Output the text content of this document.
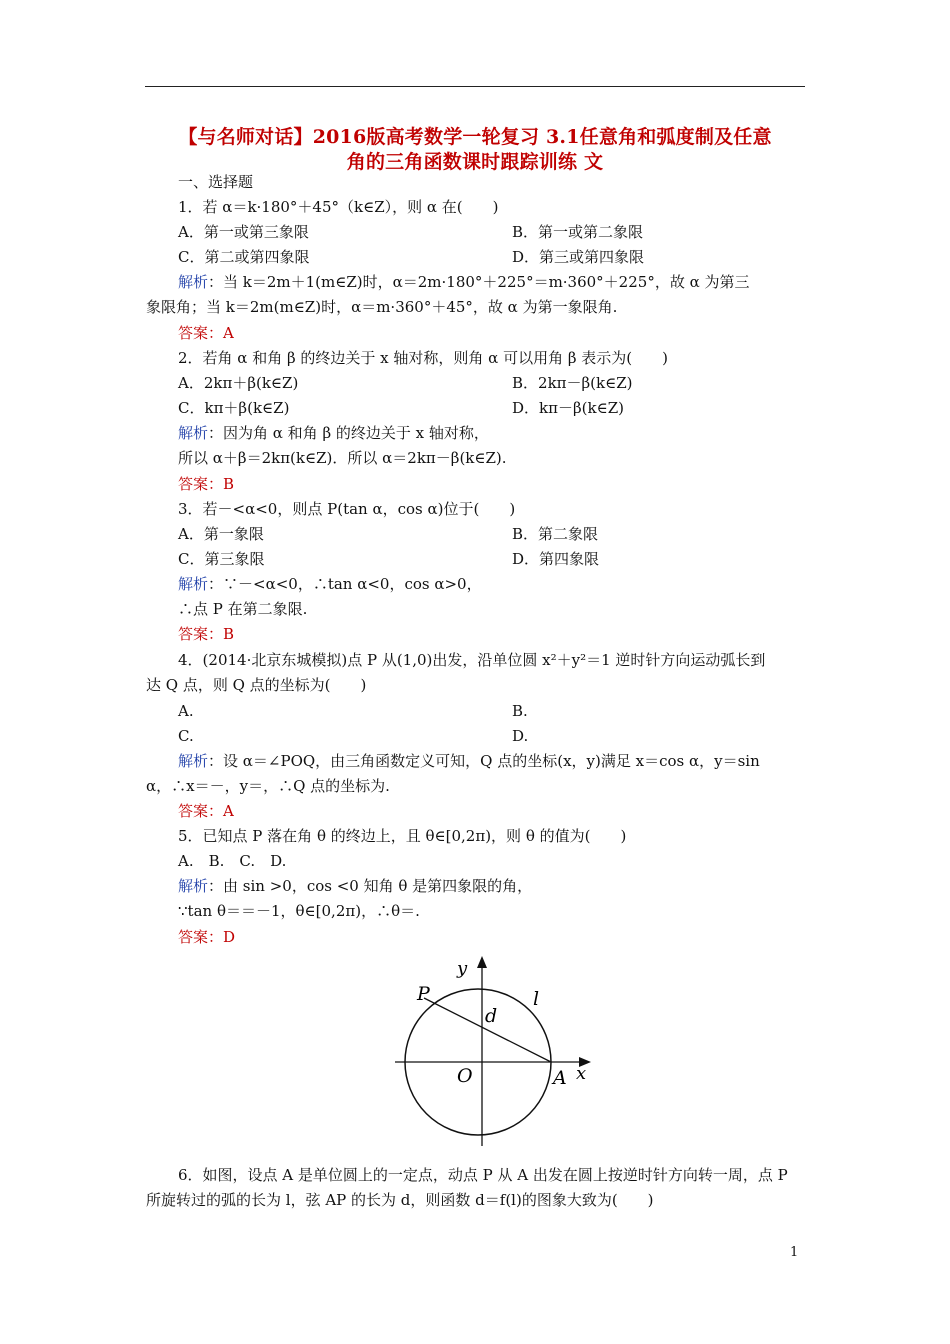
【与名师对话】2016版高考数学一轮复习 3.1任意角和弧度制及任意
角的三角函数课时跟踪训练 文
一、选择题
1．若 α＝k·180°＋45°（k∈Z），则 α 在(　　)
A．第一或第三象限	B．第一或第二象限
C．第二或第四象限	D．第三或第四象限
解析：当 k＝2m＋1(m∈Z)时，α＝2m·180°＋225°＝m·360°＋225°，故 α 为第三
象限角；当 k＝2m(m∈Z)时，α＝m·360°＋45°，故 α 为第一象限角.
答案：A
2．若角 α 和角 β 的终边关于 x 轴对称，则角 α 可以用角 β 表示为(　　)
A．2kπ＋β(k∈Z)	B．2kπ－β(k∈Z)
C．kπ＋β(k∈Z)	D．kπ－β(k∈Z)
解析：因为角 α 和角 β 的终边关于 x 轴对称，
所以 α＋β＝2kπ(k∈Z)．所以 α＝2kπ－β(k∈Z).
答案：B
3．若－<α<0，则点 P(tan α，cos α)位于(　　)
A．第一象限	B．第二象限
C．第三象限	D．第四象限
解析：∵－<α<0，∴tan α<0，cos α>0，
∴点 P 在第二象限.
答案：B
4．(2014·北京东城模拟)点 P 从(1,0)出发，沿单位圆 x²＋y²＝1 逆时针方向运动弧长到
达 Q 点，则 Q 点的坐标为(　　)
A.	B.
C.	D.
解析：设 α＝∠POQ，由三角函数定义可知，Q 点的坐标(x，y)满足 x＝cos α，y＝sin
α，∴x＝－，y＝，∴Q 点的坐标为.
答案：A
5．已知点 P 落在角 θ 的终边上，且 θ∈[0,2π)，则 θ 的值为(　　)
A.　B.　C.　D.
解析：由 sin >0，cos <0 知角 θ 是第四象限的角，
∵tan θ＝＝－1，θ∈[0,2π)，∴θ＝.
答案：D
y
P	l
d
O	A x
6．如图，设点 A 是单位圆上的一定点，动点 P 从 A 出发在圆上按逆时针方向转一周，点 P
所旋转过的弧的长为 l，弦 AP 的长为 d，则函数 d＝f(l)的图象大致为(　　)
1
